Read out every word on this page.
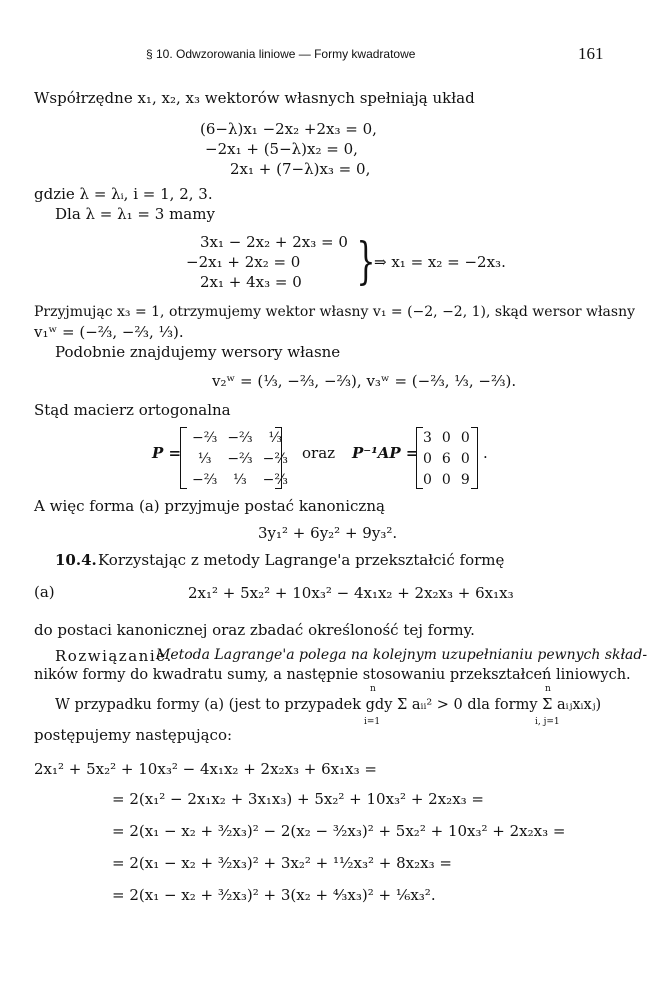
§ 10. Odwzorowania liniowe — Formy kwadratowe	161
Współrzędne x₁, x₂, x₃ wektorów własnych spełniają układ
(6−λ)x₁ −2x₂ +2x₃ = 0,
−2x₁ + (5−λ)x₂ = 0,
2x₁ + (7−λ)x₃ = 0,
gdzie λ = λᵢ, i = 1, 2, 3.
Dla λ = λ₁ = 3 mamy
3x₁ − 2x₂ + 2x₃ = 0
−2x₁ + 2x₂ = 0
2x₁ + 4x₃ = 0 }
⇒ x₁ = x₂ = −2x₃.
Przyjmując x₃ = 1, otrzymujemy wektor własny v₁ = (−2, −2, 1), skąd wersor własny
v₁ʷ = (−⅔, −⅔, ⅓).
Podobnie znajdujemy wersory własne
v₂ʷ = (⅓, −⅔, −⅔), v₃ʷ = (−⅔, ⅓, −⅔).
Stąd macierz ortogonalna
P =
−⅔	−⅔	⅓
⅓	−⅔	−⅔
−⅔	⅓	−⅔
oraz P⁻¹AP =
3	0	0
0	6	0
0	0	9
.
A więc forma (a) przyjmuje postać kanoniczną
3y₁² + 6y₂² + 9y₃².
10.4. Korzystając z metody Lagrange'a przekształcić formę
(a)	2x₁² + 5x₂² + 10x₃² − 4x₁x₂ + 2x₂x₃ + 6x₁x₃
do postaci kanonicznej oraz zbadać określoność tej formy.
Rozwiązanie.
Metoda Lagrange'a polega na kolejnym uzupełnianiu pewnych skład-
ników formy do kwadratu sumy, a następnie stosowaniu przekształceń liniowych.
n	n
W przypadku formy (a) (jest to przypadek gdy Σ aᵢᵢ² > 0 dla formy Σ aᵢⱼxᵢxⱼ)
i=1	i, j=1
postępujemy następująco:
2x₁² + 5x₂² + 10x₃² − 4x₁x₂ + 2x₂x₃ + 6x₁x₃ =
= 2(x₁² − 2x₁x₂ + 3x₁x₃) + 5x₂² + 10x₃² + 2x₂x₃ =
= 2(x₁ − x₂ + ³⁄₂x₃)² − 2(x₂ − ³⁄₂x₃)² + 5x₂² + 10x₃² + 2x₂x₃ =
= 2(x₁ − x₂ + ³⁄₂x₃)² + 3x₂² + ¹¹⁄₂x₃² + 8x₂x₃ =
= 2(x₁ − x₂ + ³⁄₂x₃)² + 3(x₂ + ⁴⁄₃x₃)² + ¹⁄₆x₃².
